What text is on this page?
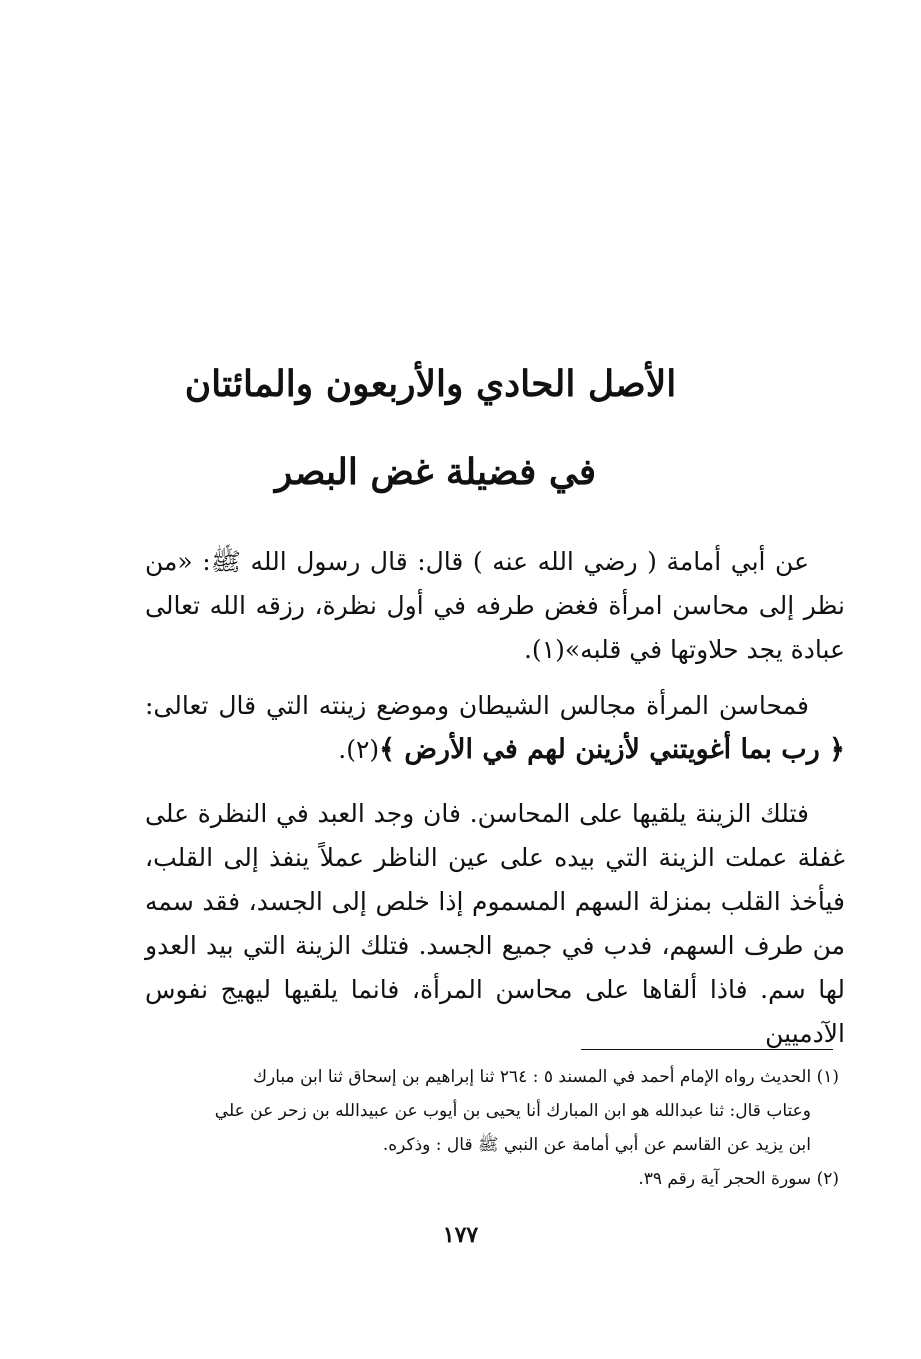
الأصل الحادي والأربعون والمائتان
في فضيلة غض البصر

عن أبي أمامة ( رضي الله عنه ) قال: قال رسول الله ﷺ: «من نظر إلى محاسن امرأة فغض طرفه في أول نظرة، رزقه الله تعالى عبادة يجد حلاوتها في قلبه»(١).

فمحاسن المرأة مجالس الشيطان وموضع زينته التي قال تعالى: ﴿ رب بما أغويتني لأزينن لهم في الأرض ﴾(٢).

فتلك الزينة يلقيها على المحاسن. فان وجد العبد في النظرة على غفلة عملت الزينة التي بيده على عين الناظر عملاً ينفذ إلى القلب، فيأخذ القلب بمنزلة السهم المسموم إذا خلص إلى الجسد، فقد سمه من طرف السهم، فدب في جميع الجسد. فتلك الزينة التي بيد العدو لها سم. فاذا ألقاها على محاسن المرأة، فانما يلقيها ليهيج نفوس الآدميين

(١) الحديث رواه الإمام أحمد في المسند ٥ : ٢٦٤ ثنا إبراهيم بن إسحاق ثنا ابن مبارك

وعتاب قال: ثنا عبدالله هو ابن المبارك أنا يحيى بن أيوب عن عبيدالله بن زحر عن علي

ابن يزيد عن القاسم عن أبي أمامة عن النبي ﷺ قال : وذكره.

(٢) سورة الحجر آية رقم ٣٩.

١٧٧
